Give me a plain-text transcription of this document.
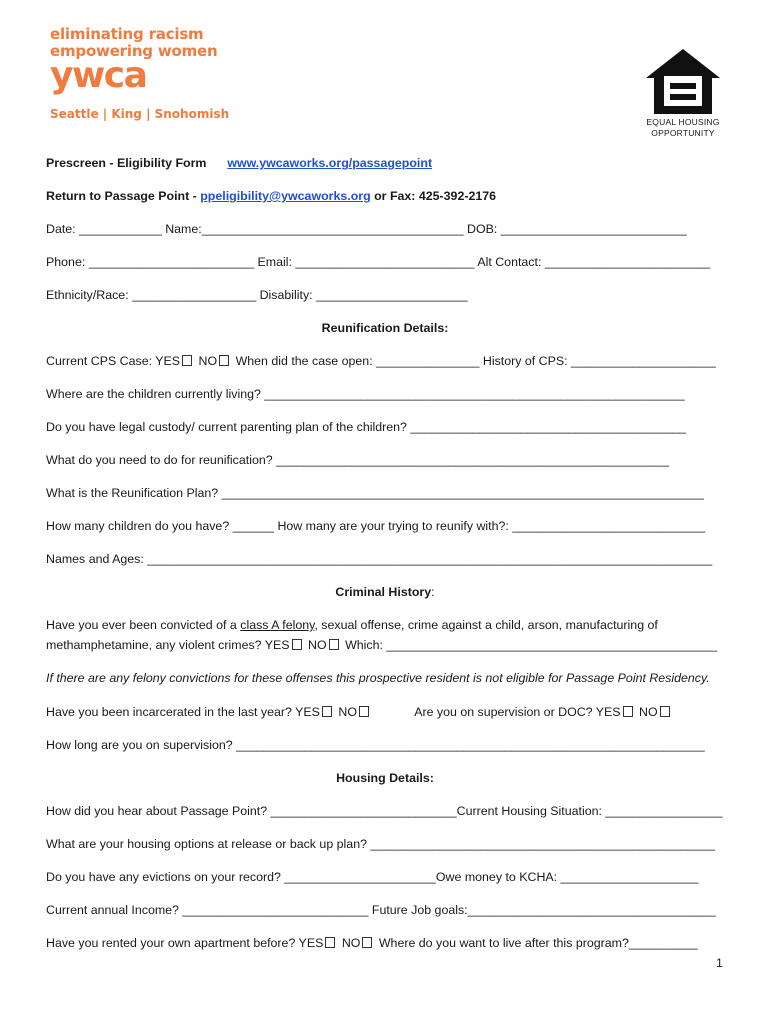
eliminating racism
empowering women
ywca
Seattle | King | Snohomish
EQUAL HOUSING
OPPORTUNITY
Prescreen - Eligibility Form www.ywcaworks.org/passagepoint
Return to Passage Point - ppeligibility@ywcaworks.org or Fax: 425-392-2176
Date: ____________ Name:______________________________________ DOB: ___________________________
Phone: ________________________ Email: __________________________ Alt Contact: ________________________
Ethnicity/Race: __________________ Disability: ______________________
Reunification Details:
Current CPS Case: YES NO When did the case open: _______________ History of CPS: _____________________
Where are the children currently living? _____________________________________________________________
Do you have legal custody/ current parenting plan of the children? ________________________________________
What do you need to do for reunification? _________________________________________________________
What is the Reunification Plan? ______________________________________________________________________
How many children do you have? ______ How many are your trying to reunify with?: ____________________________
Names and Ages: __________________________________________________________________________________
Criminal History:
Have you ever been convicted of a class A felony, sexual offense, crime against a child, arson, manufacturing of
methamphetamine, any violent crimes? YES NO Which: ________________________________________________
If there are any felony convictions for these offenses this prospective resident is not eligible for Passage Point Residency.
Have you been incarcerated in the last year? YES NO	Are you on supervision or DOC? YES NO
How long are you on supervision? ____________________________________________________________________
Housing Details:
How did you hear about Passage Point? ___________________________Current Housing Situation: _________________
What are your housing options at release or back up plan? __________________________________________________
Do you have any evictions on your record? ______________________Owe money to KCHA: ____________________
Current annual Income? ___________________________ Future Job goals:____________________________________
Have you rented your own apartment before? YES NO Where do you want to live after this program?__________
1
